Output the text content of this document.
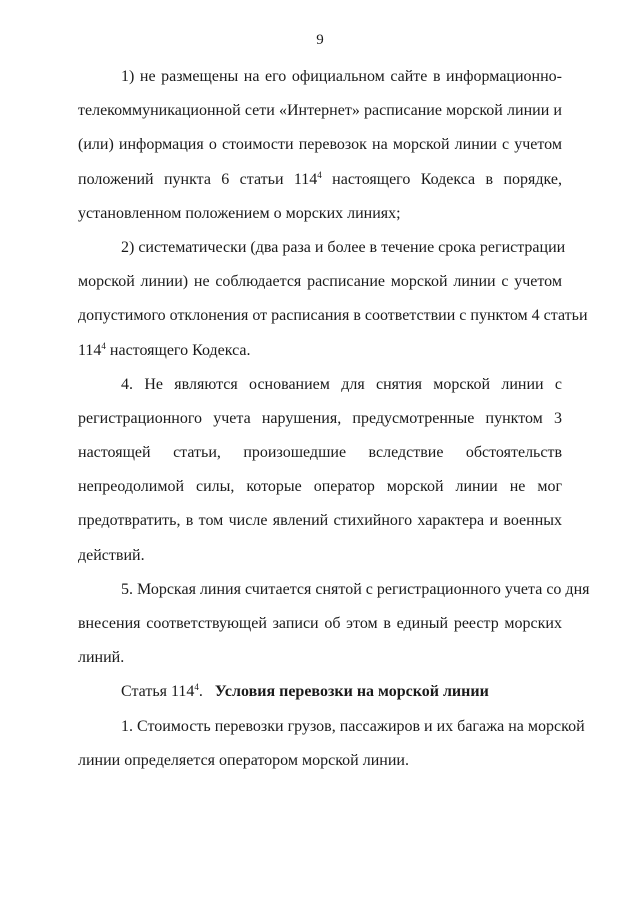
9
1) не размещены на его официальном сайте в информационно-
телекоммуникационной сети «Интернет» расписание морской линии и
(или) информация о стоимости перевозок на морской линии с учетом
положений пункта 6 статьи $114^4$ настоящего Кодекса в порядке,
установленном положением о морских линиях;
2) систематически (два раза и более в течение срока регистрации
морской линии) не соблюдается расписание морской линии с учетом
допустимого отклонения от расписания в соответствии с пунктом 4 статьи
$114^4$ настоящего Кодекса.
4. Не являются основанием для снятия морской линии с
регистрационного учета нарушения, предусмотренные пунктом 3
настоящей статьи, произошедшие вследствие обстоятельств
непреодолимой силы, которые оператор морской линии не мог
предотвратить, в том числе явлений стихийного характера и военных
действий.
5. Морская линия считается снятой с регистрационного учета со дня
внесения соответствующей записи об этом в единый реестр морских
линий.
Статья $114^4$. Условия перевозки на морской линии
1. Стоимость перевозки грузов, пассажиров и их багажа на морской
линии определяется оператором морской линии.
